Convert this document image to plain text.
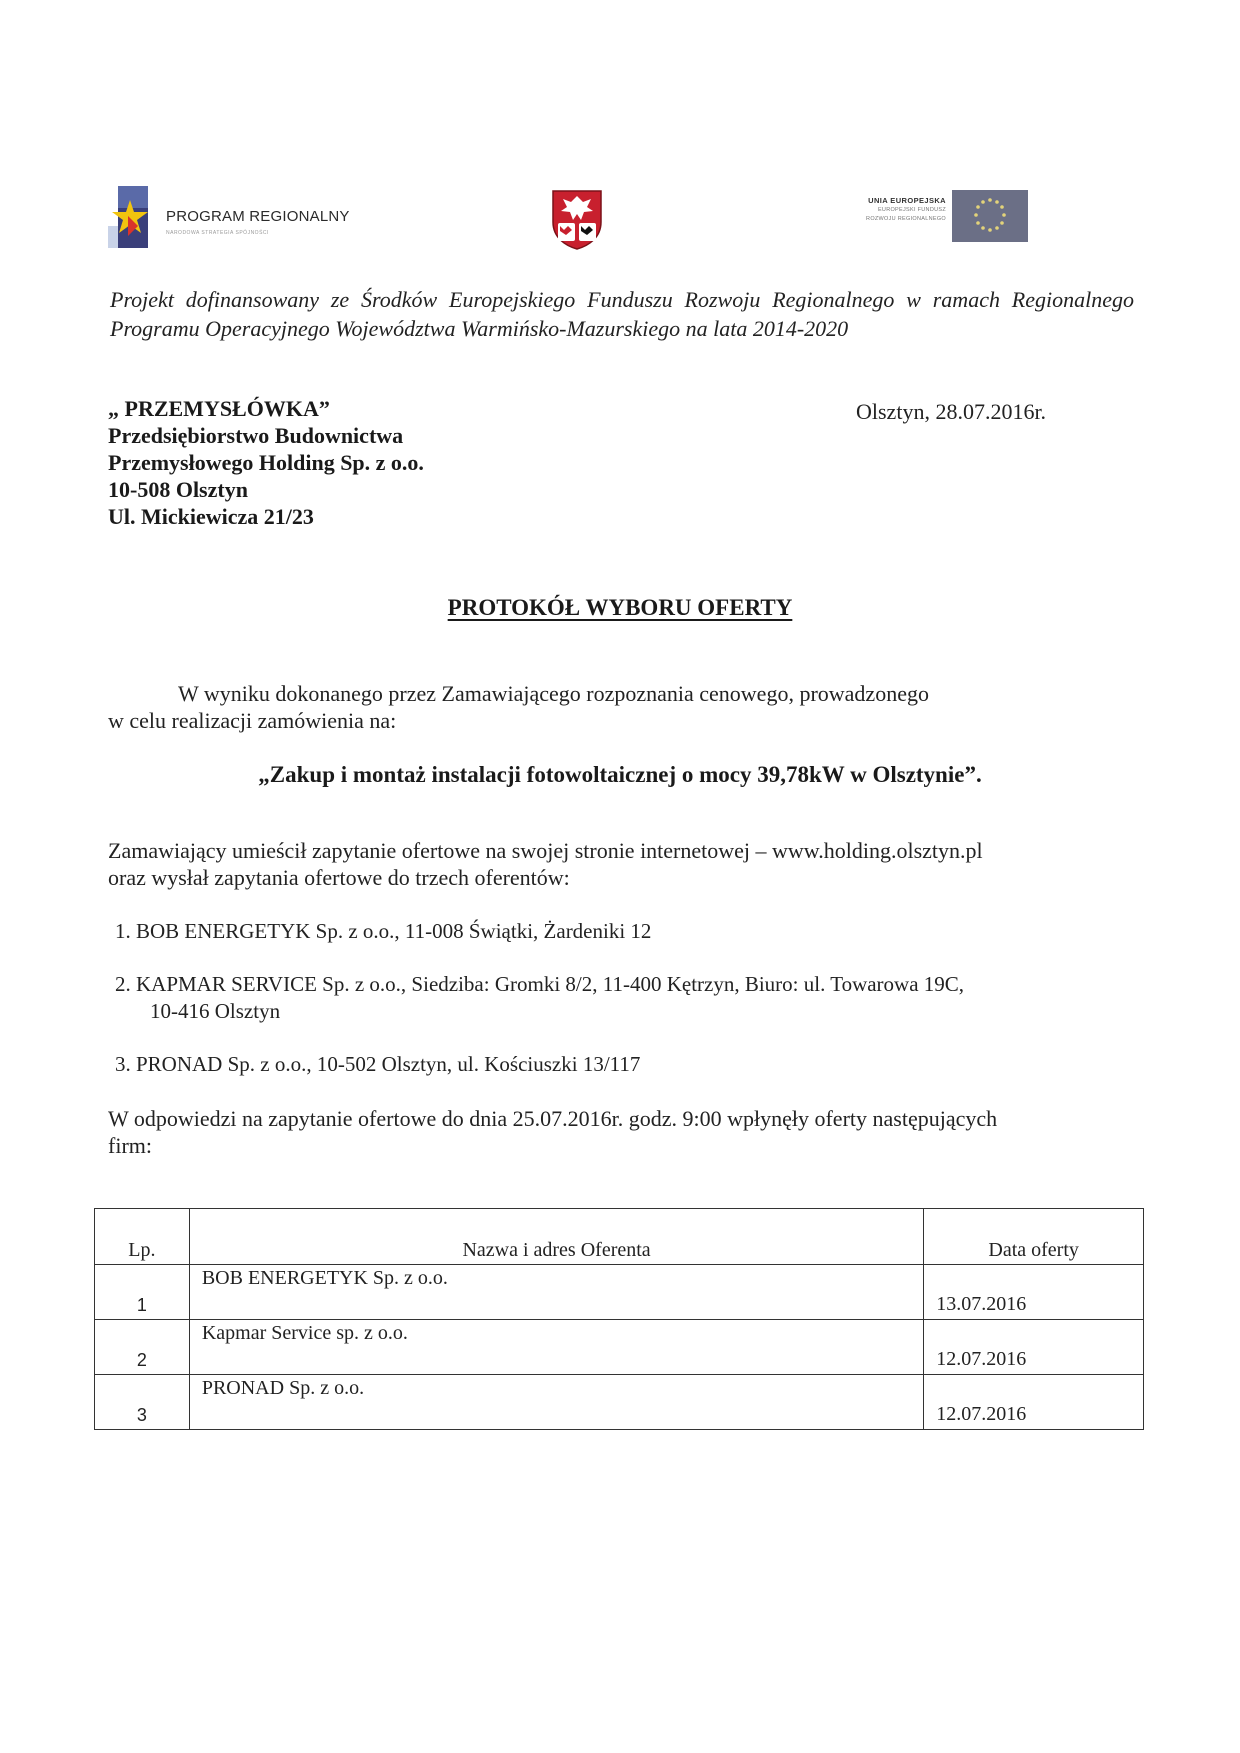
PROGRAM REGIONALNY
NARODOWA STRATEGIA SPÓJNOŚCI
UNIA EUROPEJSKA
EUROPEJSKI FUNDUSZ
ROZWOJU REGIONALNEGO
Projekt dofinansowany ze Środków Europejskiego Funduszu Rozwoju Regionalnego w ramach Regionalnego Programu Operacyjnego Województwa Warmińsko-Mazurskiego na lata 2014-2020
„ PRZEMYSŁÓWKA”
Przedsiębiorstwo Budownictwa
Przemysłowego Holding Sp. z o.o.
10-508 Olsztyn
Ul. Mickiewicza 21/23
Olsztyn, 28.07.2016r.
PROTOKÓŁ WYBORU OFERTY
W wyniku dokonanego przez Zamawiającego rozpoznania cenowego, prowadzonego
w celu realizacji zamówienia na:
„Zakup i montaż instalacji fotowoltaicznej o mocy 39,78kW w Olsztynie”.
Zamawiający umieścił zapytanie ofertowe na swojej stronie internetowej – www.holding.olsztyn.pl
oraz wysłał zapytania ofertowe do trzech oferentów:
1. BOB ENERGETYK Sp. z o.o., 11-008 Świątki, Żardeniki 12
2. KAPMAR SERVICE Sp. z o.o., Siedziba: Gromki 8/2, 11-400 Kętrzyn, Biuro: ul. Towarowa 19C,
10-416 Olsztyn
3. PRONAD Sp. z o.o., 10-502 Olsztyn, ul. Kościuszki 13/117
W odpowiedzi na zapytanie ofertowe do dnia 25.07.2016r. godz. 9:00 wpłynęły oferty następujących
firm:
Lp.	Nazwa i adres Oferenta	Data oferty

1	BOB ENERGETYK Sp. z o.o.	13.07.2016
2	Kapmar Service sp. z o.o.	12.07.2016
3	PRONAD Sp. z o.o.	12.07.2016
